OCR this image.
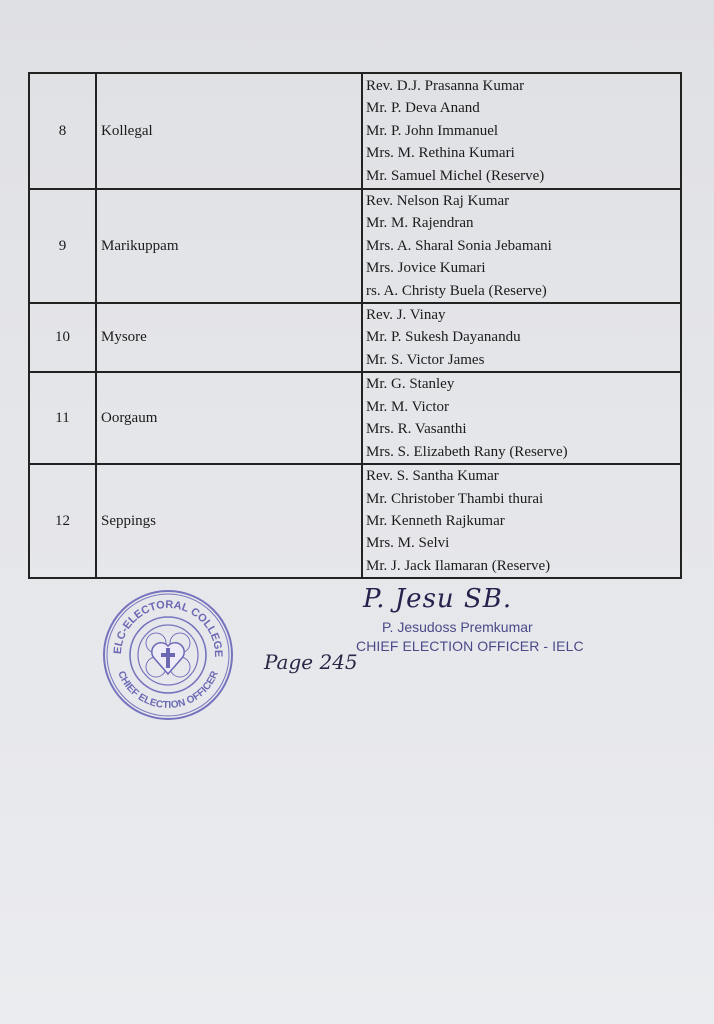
8	Kollegal	Rev. D.J. Prasanna Kumar
Mr. P. Deva Anand
Mr. P. John Immanuel
Mrs. M. Rethina Kumari
Mr. Samuel Michel (Reserve)

9	Marikuppam	Rev. Nelson Raj Kumar
Mr. M. Rajendran
Mrs. A. Sharal Sonia Jebamani
Mrs. Jovice Kumari
rs. A. Christy Buela (Reserve)

10	Mysore	Rev. J. Vinay
Mr. P. Sukesh Dayanandu
Mr. S. Victor James

11	Oorgaum	Mr. G. Stanley
Mr. M. Victor
Mrs. R. Vasanthi
Mrs. S. Elizabeth Rany (Reserve)

12	Seppings	Rev. S. Santha Kumar
Mr. Christober Thambi thurai
Mr. Kenneth Rajkumar
Mrs. M. Selvi
Mr. J. Jack Ilamaran (Reserve)
ELC-ELECTORAL COLLEGE
CHIEF ELECTION OFFICER
P. Jesu SB.
P. Jesudoss Premkumar
CHIEF ELECTION OFFICER - IELC
Page 245
